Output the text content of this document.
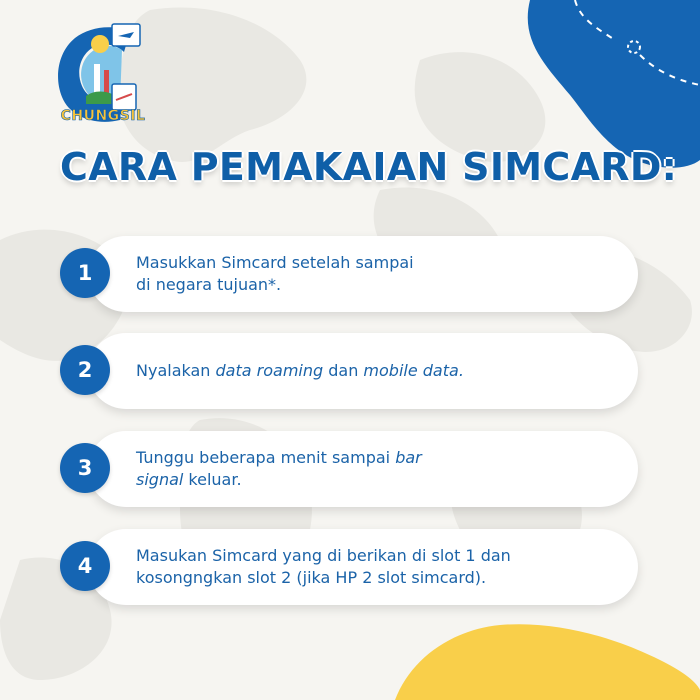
CHUNGSIL
CARA PEMAKAIAN SIMCARD:
1	Masukkan Simcard setelah sampai
di negara tujuan*.
2	Nyalakan data roaming dan mobile data.
3	Tunggu beberapa menit sampai bar
signal keluar.
4	Masukan Simcard yang di berikan di slot 1 dan
kosongngkan slot 2 (jika HP 2 slot simcard).
